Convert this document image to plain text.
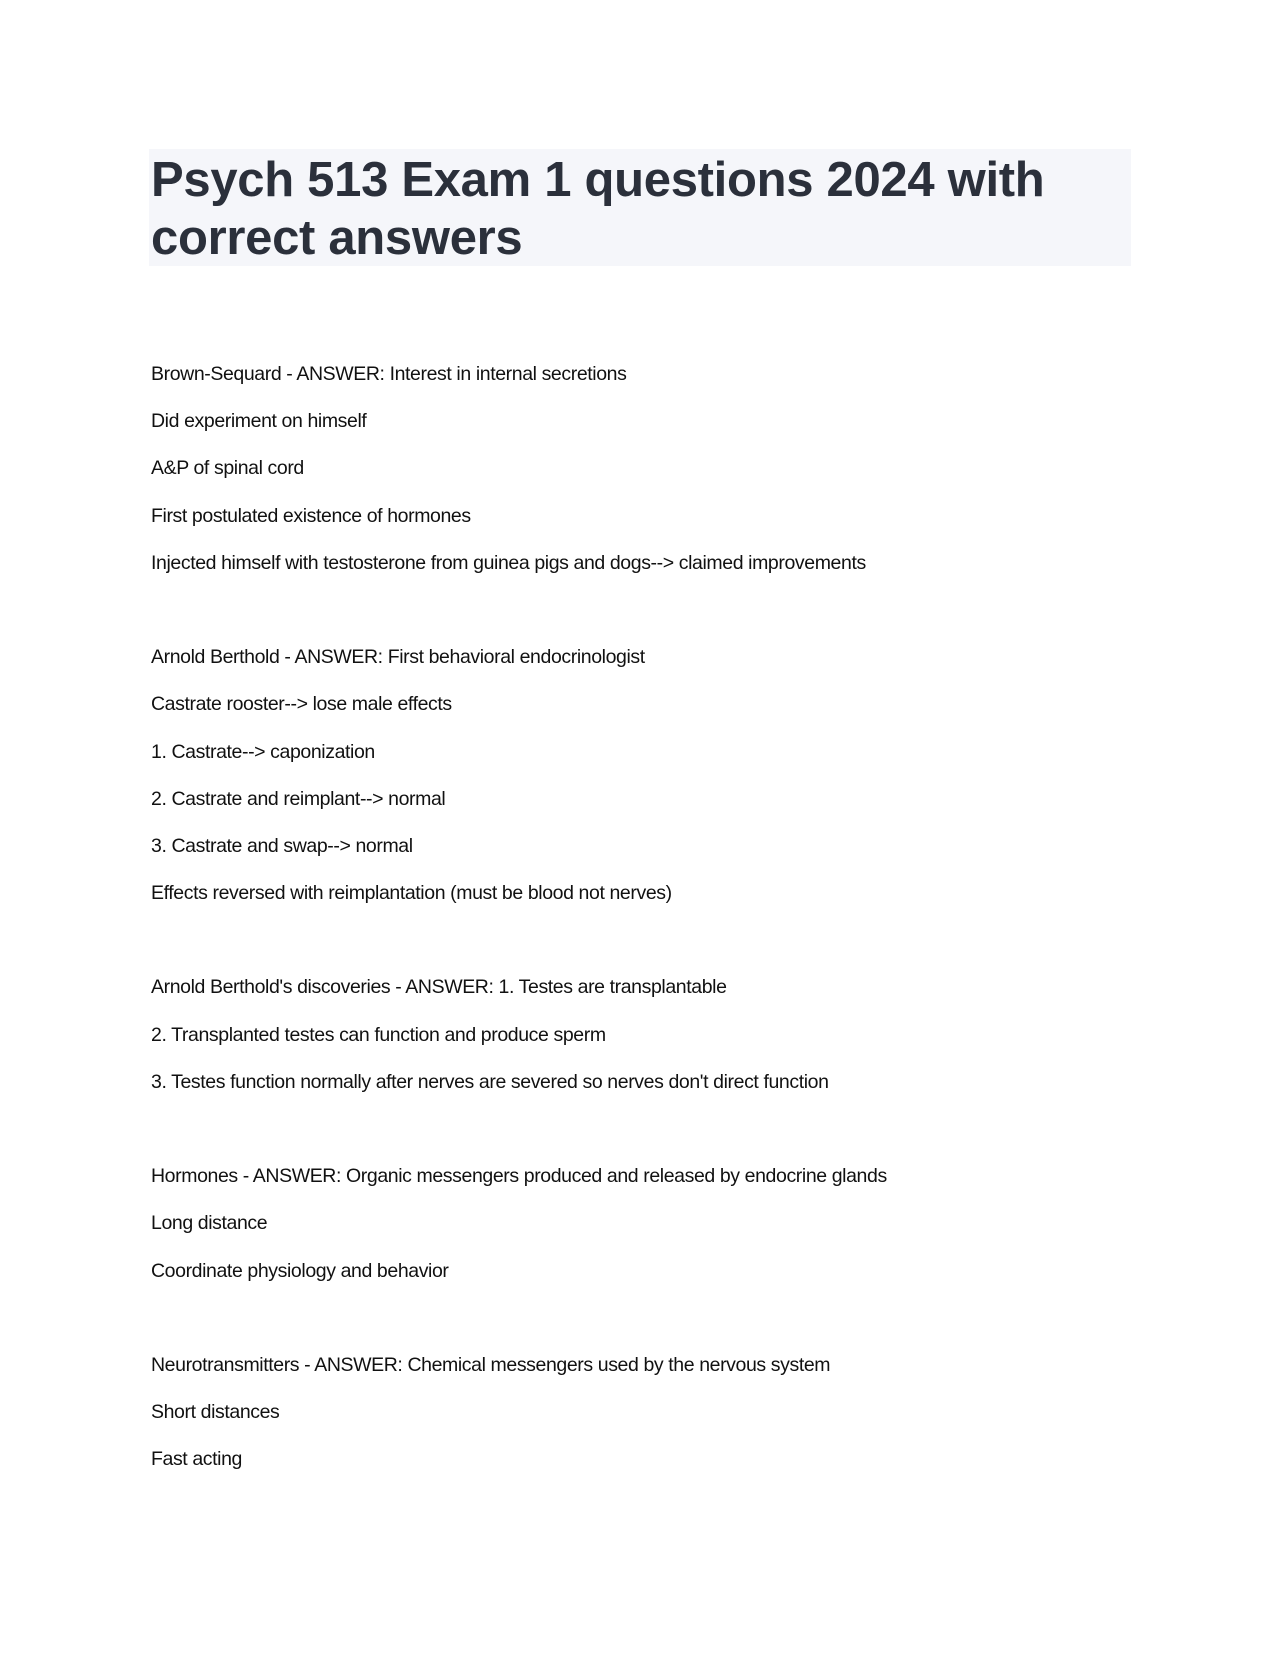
Psych 513 Exam 1 questions 2024 with correct answers
Brown-Sequard - ANSWER: Interest in internal secretions
Did experiment on himself
A&P of spinal cord
First postulated existence of hormones
Injected himself with testosterone from guinea pigs and dogs--> claimed improvements
Arnold Berthold - ANSWER: First behavioral endocrinologist
Castrate rooster--> lose male effects
1. Castrate--> caponization
2. Castrate and reimplant--> normal
3. Castrate and swap--> normal
Effects reversed with reimplantation (must be blood not nerves)
Arnold Berthold's discoveries - ANSWER: 1. Testes are transplantable
2. Transplanted testes can function and produce sperm
3. Testes function normally after nerves are severed so nerves don't direct function
Hormones - ANSWER: Organic messengers produced and released by endocrine glands
Long distance
Coordinate physiology and behavior
Neurotransmitters - ANSWER: Chemical messengers used by the nervous system
Short distances
Fast acting
